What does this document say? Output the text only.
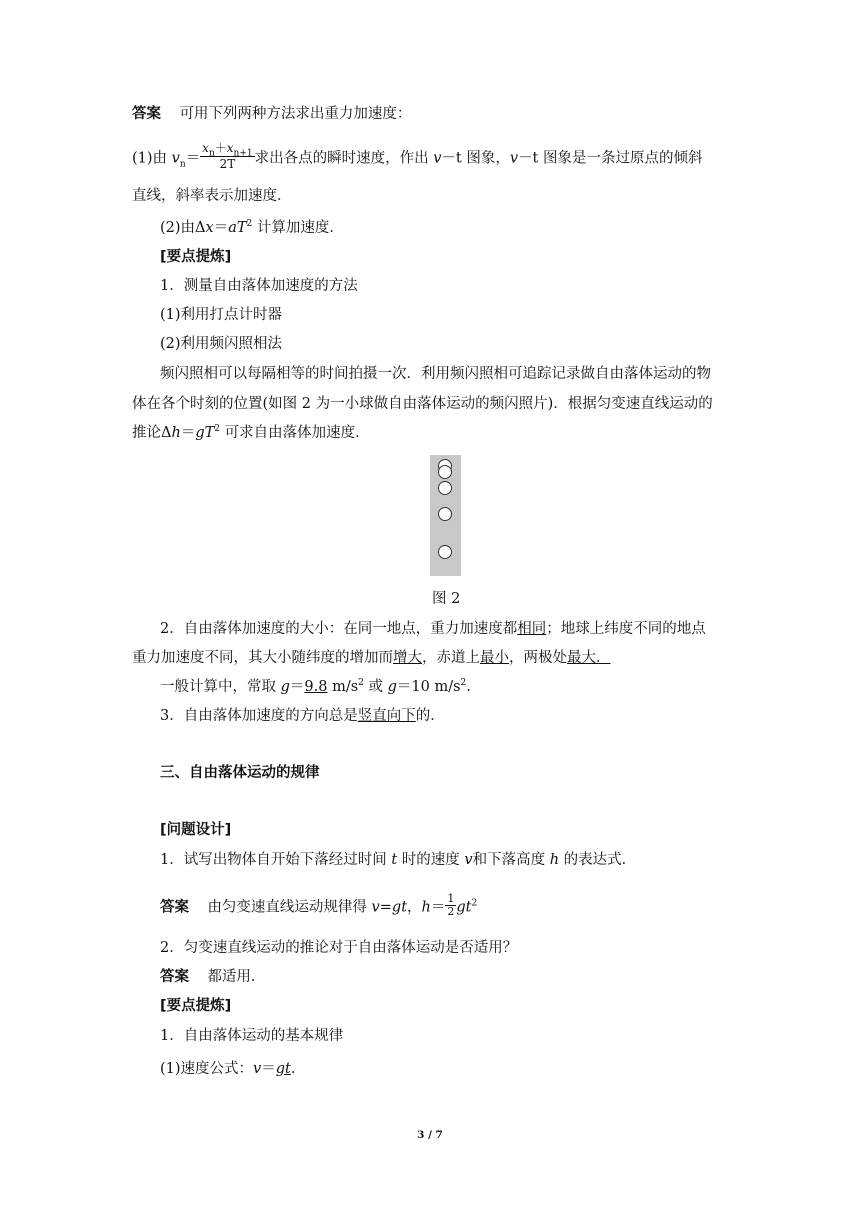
答案 可用下列两种方法求出重力加速度：
(1)由 $v_n= \frac{x_n+x_{n+1}}{2T}$ 求出各点的瞬时速度，作出 v－t 图象，v－t 图象是一条过原点的倾斜
直线，斜率表示加速度．
(2)由$\Delta x=aT^2$ 计算加速度．
[要点提炼]
1．测量自由落体加速度的方法
(1)利用打点计时器
(2)利用频闪照相法
频闪照相可以每隔相等的时间拍摄一次．利用频闪照相可追踪记录做自由落体运动的物
体在各个时刻的位置(如图 2 为一小球做自由落体运动的频闪照片)．根据匀变速直线运动的
推论$\Delta h=gT^2$ 可求自由落体加速度．
图 2
2．自由落体加速度的大小：在同一地点，重力加速度都相同；地球上纬度不同的地点
重力加速度不同，其大小随纬度的增加而增大，赤道上最小，两极处最大．
一般计算中，常取 g＝9.8 $m/s^2$ 或 g＝10 $m/s^2$.
3．自由落体加速度的方向总是竖直向下的．
三、自由落体运动的规律
[问题设计]
1．试写出物体自开始下落经过时间 t 时的速度 v和下落高度 h 的表达式．
答案 由匀变速直线运动规律得 v=gt，$h= \frac{1}{2} gt^2$
2．匀变速直线运动的推论对于自由落体运动是否适用？
答案 都适用．
[要点提炼]
1．自由落体运动的基本规律
(1)速度公式：v＝gt.
3 / 7
